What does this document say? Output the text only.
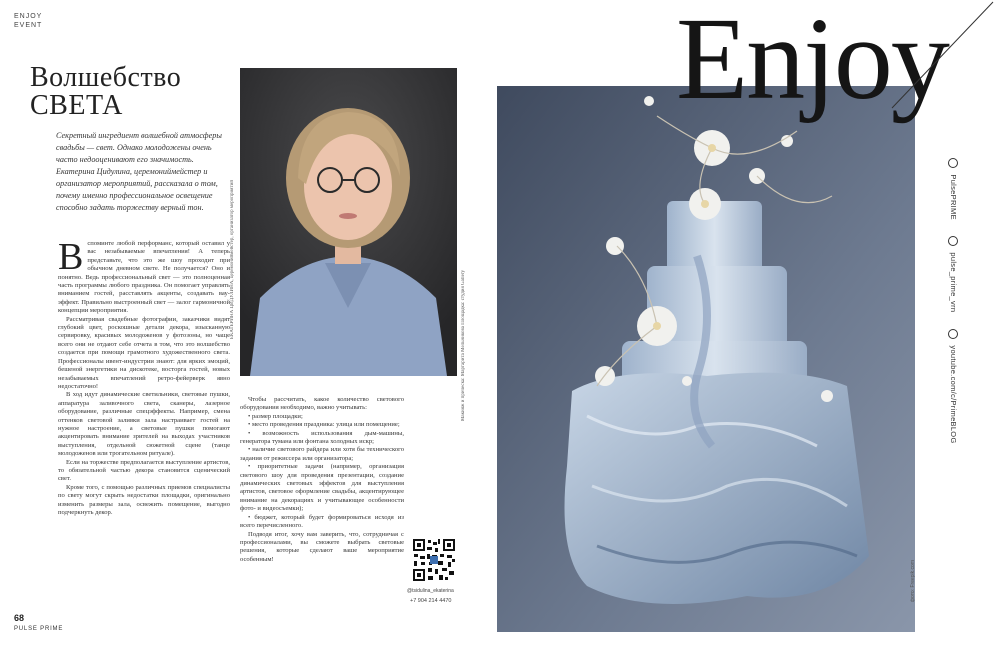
ENJOY
EVENT
Волшебство
СВЕТА
Секретный ингредиент волшебной атмосферы свадьбы — свет. Однако молодожены очень часто недооценивают его значимость. Екатерина Цидулина, церемониймейстер и организатор мероприятий, рассказала о том, почему именно профессиональное освещение способно задать торжеству верный тон.	ЕКАТЕРИНА ЦИДУЛИНА, церемониймейстер, организатор мероприятий
Макияж и прическа: Маргарита Мельникова Площадка: студия Gallery

Вспоминте любой перформанс, который оставил у вас незабываемые впечатления! А теперь представьте, что это же шоу проходит при обычном дневном свете. Не получается? Оно и понятно. Ведь профессиональный свет — это полноценная часть программы любого праздника. Он помогает управлять вниманием гостей, расставлять акценты, создавать вау-эффект. Правильно выстроенный свет — залог гармоничной концепции мероприятия.

Рассматривая свадебные фотографии, заказчики видят глубокий цвет, роскошные детали декора, изысканную сервировку, красивых молодоженов у фотозоны, но чаще всего они не отдают себе отчета в том, что это волшебство создается при помощи грамотного художественного света. Профессионалы ивент-индустрии знают: для ярких эмоций, бешеной энергетики на дискотеке, восторга гостей, новых незабываемых впечатлений ретро-фейерверк явно недостаточно!

В ход идут динамические светильники, световые пушки, аппаратура заливочного света, сканеры, лазерное оборудование, различные спецэффекты. Например, смена оттенков световой заливки зала настраивает гостей на нужное настроение, а световые пушки помогают акцентировать внимание зрителей на выходах участников выступления, отдельной сюжетной сцене (танце молодоженов или трогательном ритуале).

Если на торжестве предполагается выступление артистов, то обязательной частью декора становится сценический свет.

Кроме того, с помощью различных приемов специалисты по свету могут скрыть недостатки площадки, оригинально изменить размеры зала, освежить помещение, выгодно подчеркнуть декор.

Чтобы рассчитать, какое количество светового оборудования необходимо, важно учитывать:

• размер площадки;

• место проведения праздника: улица или помещение;

• возможность использования дым-машины, генератора тумана или фонтана холодных искр;

• наличие светового райдера или хотя бы технического задания от режиссера или организатора;

• приоритетные задачи (например, организация светового шоу для проведения презентации, создание динамических световых эффектов для выступления артистов, световое оформление свадьбы, акцентирующее внимание на декорациях и учитывающее особенности фото- и видеосъемки);

• бюджет, который будет формироваться исходя из всего перечисленного.

Подводя итог, хочу вам заверить, что, сотрудничая с профессионалами, вы сможете выбрать световые решения, которые сделают ваше мероприятие особенным!

@tsidulina_ekaterina
+7 904 214 4470
68
PULSE PRIME
Enjoy
PulsePRIME  pulse_prime_vrn  youtube.com/c/PrimeBLOG
фото: Freepik.com
